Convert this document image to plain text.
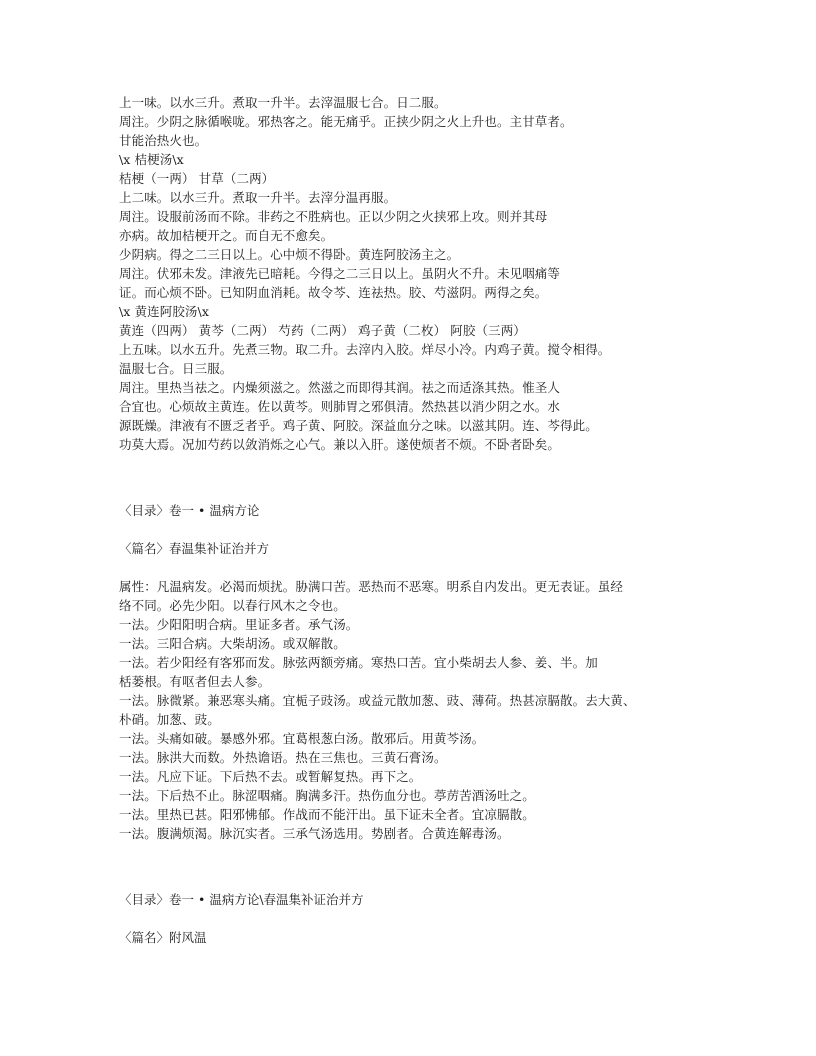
上一味。以水三升。煮取一升半。去滓温服七合。日二服。
周注。少阴之脉循喉咙。邪热客之。能无痛乎。正挟少阴之火上升也。主甘草者。
甘能治热火也。
\x 桔梗汤\x
桔梗（一两） 甘草（二两）
上二味。以水三升。煮取一升半。去滓分温再服。
周注。设服前汤而不除。非药之不胜病也。正以少阴之火挟邪上攻。则并其母
亦病。故加桔梗开之。而自无不愈矣。
少阴病。得之二三日以上。心中烦不得卧。黄连阿胶汤主之。
周注。伏邪未发。津液先已暗耗。今得之二三日以上。虽阴火不升。未见咽痛等
证。而心烦不卧。已知阴血消耗。故令芩、连祛热。胶、芍滋阴。两得之矣。
\x 黄连阿胶汤\x
黄连（四两） 黄芩（二两） 芍药（二两） 鸡子黄（二枚） 阿胶（三两）
上五味。以水五升。先煮三物。取二升。去滓内入胶。烊尽小冷。内鸡子黄。搅令相得。
温服七合。日三服。
周注。里热当祛之。内燥须滋之。然滋之而即得其润。祛之而适涤其热。惟圣人
合宜也。心烦故主黄连。佐以黄芩。则肺胃之邪俱清。然热甚以消少阴之水。水
源既燥。津液有不匮乏者乎。鸡子黄、阿胶。深益血分之味。以滋其阴。连、芩得此。
功莫大焉。况加芍药以敛消烁之心气。兼以入肝。遂使烦者不烦。不卧者卧矣。
〈目录〉卷一 • 温病方论
〈篇名〉春温集补证治并方
属性：凡温病发。必渴而烦扰。胁满口苦。恶热而不恶寒。明系自内发出。更无表证。虽经
络不同。必先少阳。以春行风木之令也。
一法。少阳阳明合病。里证多者。承气汤。
一法。三阳合病。大柴胡汤。或双解散。
一法。若少阳经有客邪而发。脉弦两额旁痛。寒热口苦。宜小柴胡去人参、姜、半。加
栝蒌根。有呕者但去人参。
一法。脉微紧。兼恶寒头痛。宜栀子豉汤。或益元散加葱、豉、薄荷。热甚凉膈散。去大黄、
朴硝。加葱、豉。
一法。头痛如破。暴感外邪。宜葛根葱白汤。散邪后。用黄芩汤。
一法。脉洪大而数。外热谵语。热在三焦也。三黄石膏汤。
一法。凡应下证。下后热不去。或暂解复热。再下之。
一法。下后热不止。脉涩咽痛。胸满多汗。热伤血分也。葶苈苦酒汤吐之。
一法。里热已甚。阳邪怫郁。作战而不能汗出。虽下证未全者。宜凉膈散。
一法。腹满烦渴。脉沉实者。三承气汤选用。势剧者。合黄连解毒汤。
〈目录〉卷一 • 温病方论\春温集补证治并方
〈篇名〉附风温
